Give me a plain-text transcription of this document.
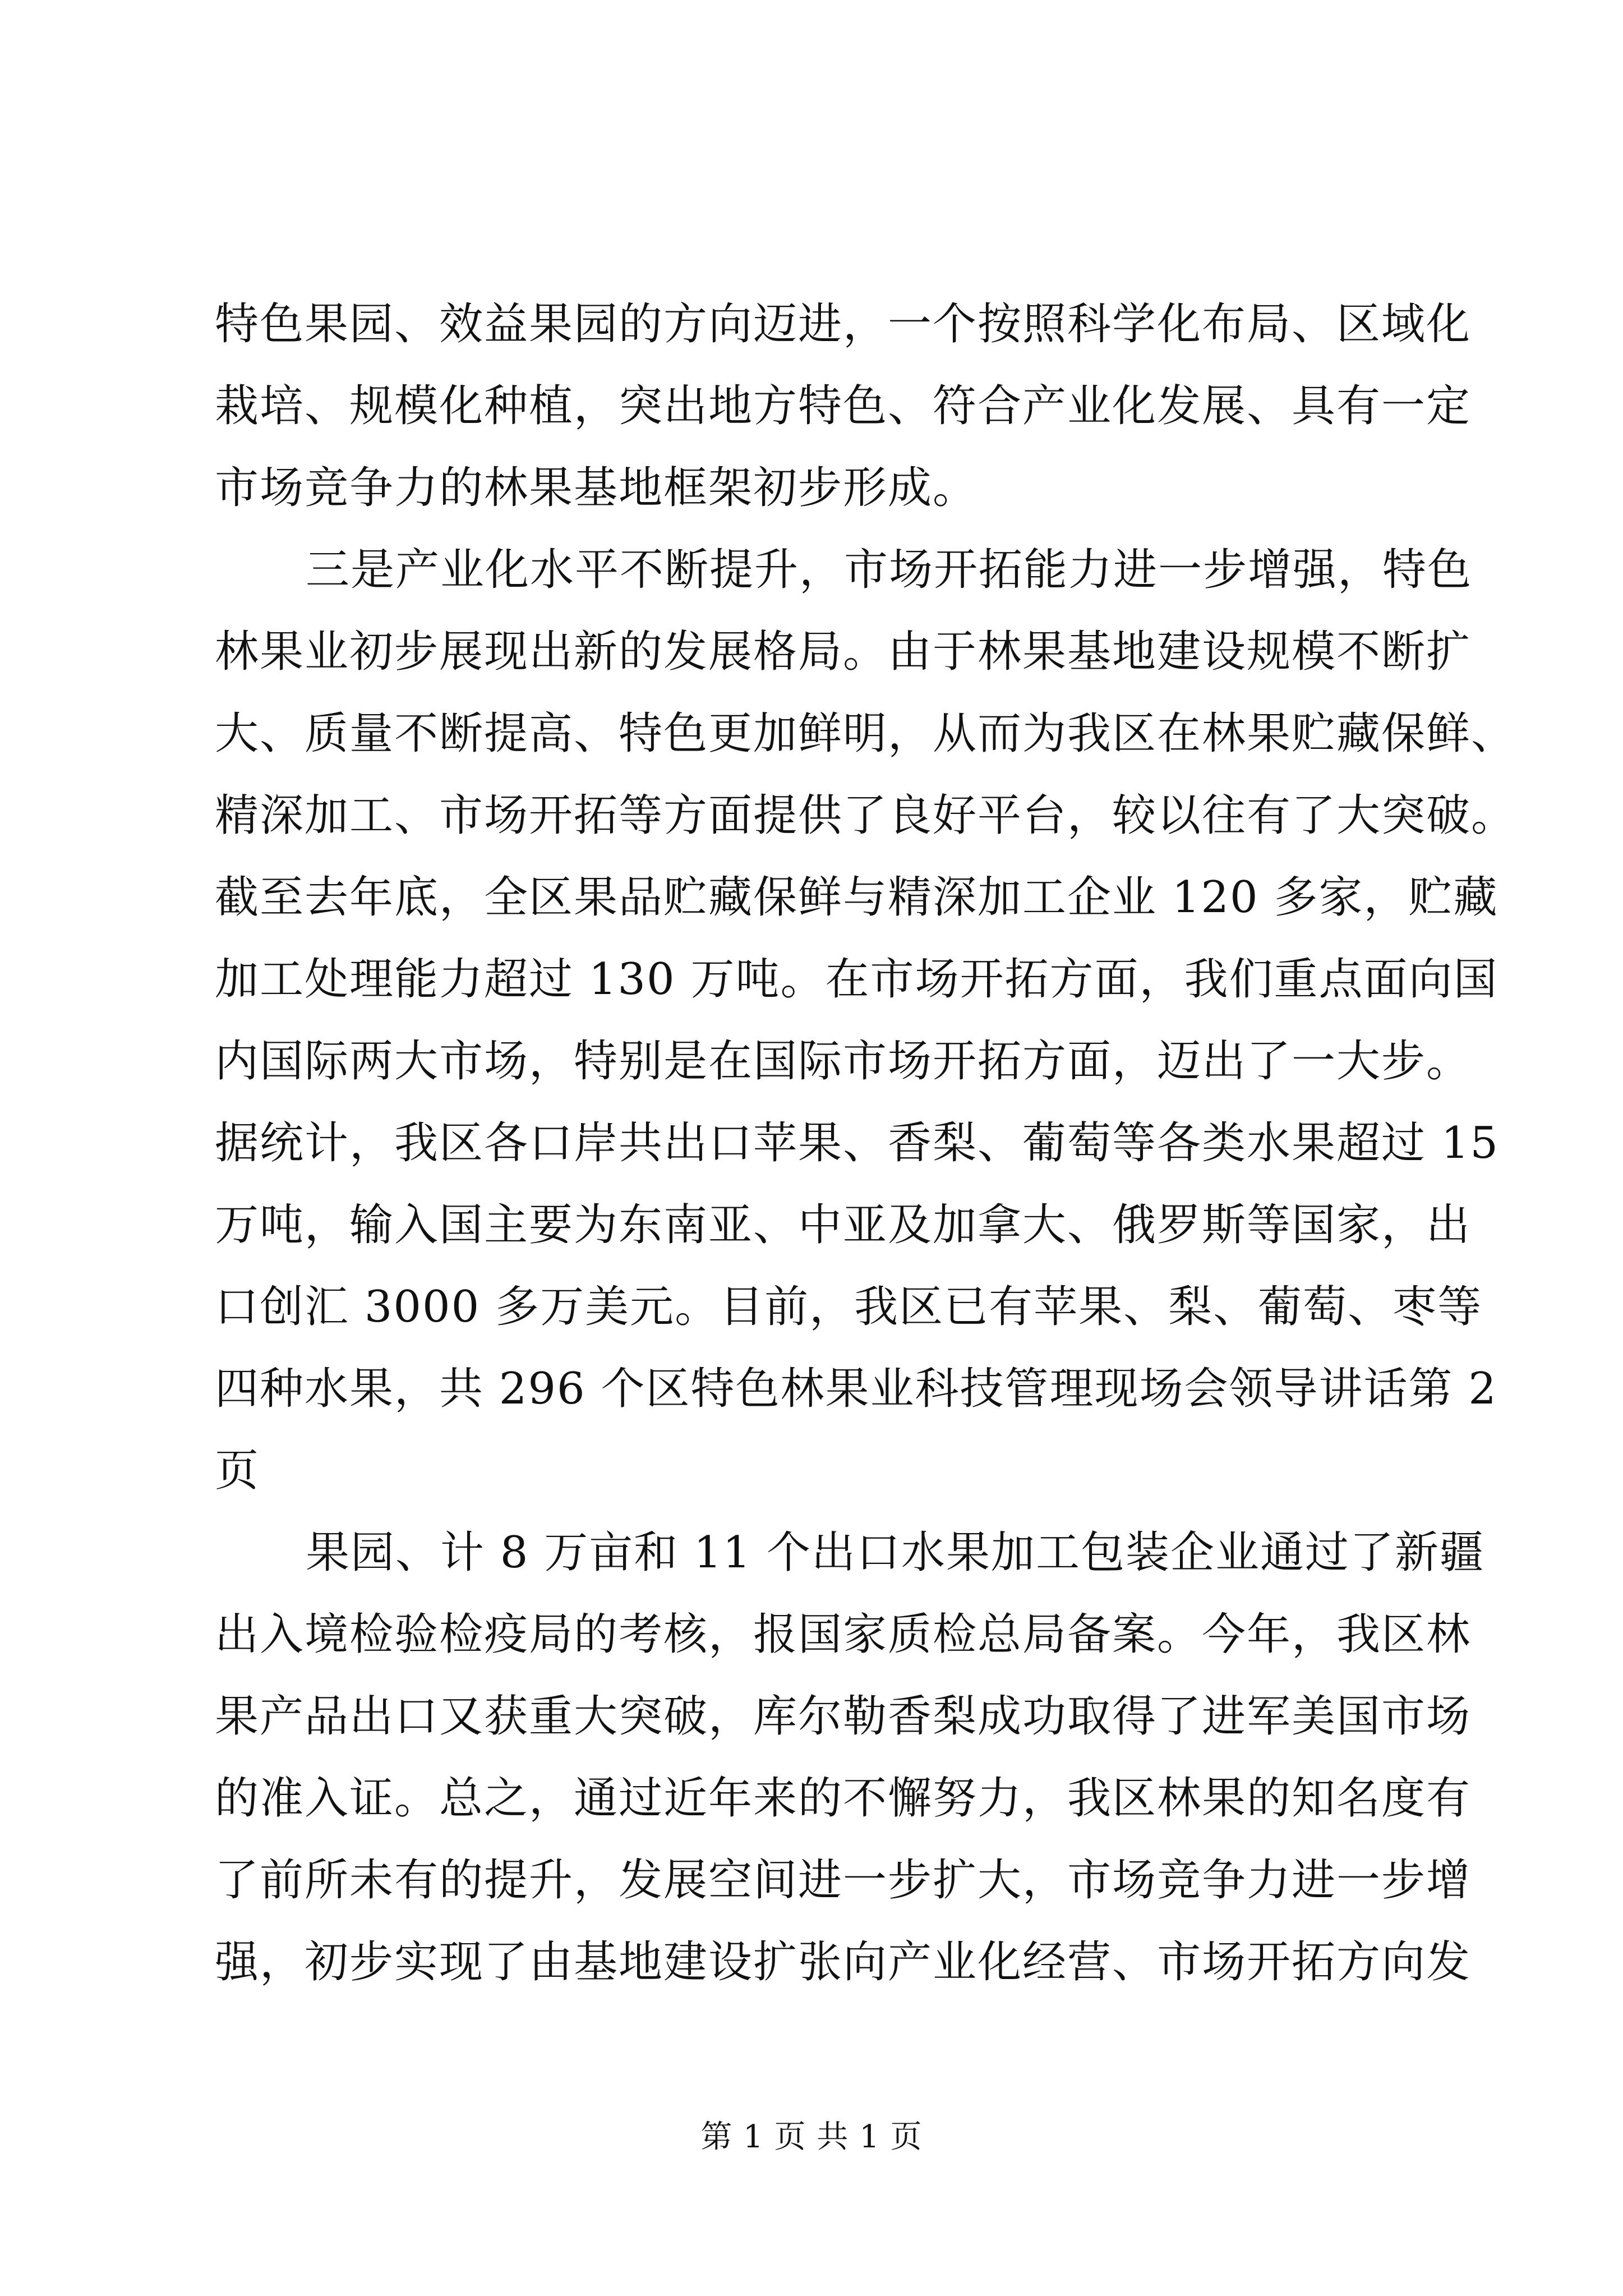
特色果园、效益果园的方向迈进，一个按照科学化布局、区域化
栽培、规模化种植，突出地方特色、符合产业化发展、具有一定
市场竞争力的林果基地框架初步形成。
三是产业化水平不断提升，市场开拓能力进一步增强，特色
林果业初步展现出新的发展格局。由于林果基地建设规模不断扩
大、质量不断提高、特色更加鲜明，从而为我区在林果贮藏保鲜、
精深加工、市场开拓等方面提供了良好平台，较以往有了大突破。
截至去年底，全区果品贮藏保鲜与精深加工企业 120 多家，贮藏
加工处理能力超过 130 万吨。在市场开拓方面，我们重点面向国
内国际两大市场，特别是在国际市场开拓方面，迈出了一大步。
据统计，我区各口岸共出口苹果、香梨、葡萄等各类水果超过 15
万吨，输入国主要为东南亚、中亚及加拿大、俄罗斯等国家，出
口创汇 3000 多万美元。目前，我区已有苹果、梨、葡萄、枣等
四种水果，共 296 个区特色林果业科技管理现场会领导讲话第 2
页
果园、计 8 万亩和 11 个出口水果加工包装企业通过了新疆
出入境检验检疫局的考核，报国家质检总局备案。今年，我区林
果产品出口又获重大突破，库尔勒香梨成功取得了进军美国市场
的准入证。总之，通过近年来的不懈努力，我区林果的知名度有
了前所未有的提升，发展空间进一步扩大，市场竞争力进一步增
强，初步实现了由基地建设扩张向产业化经营、市场开拓方向发
第 1 页 共 1 页
